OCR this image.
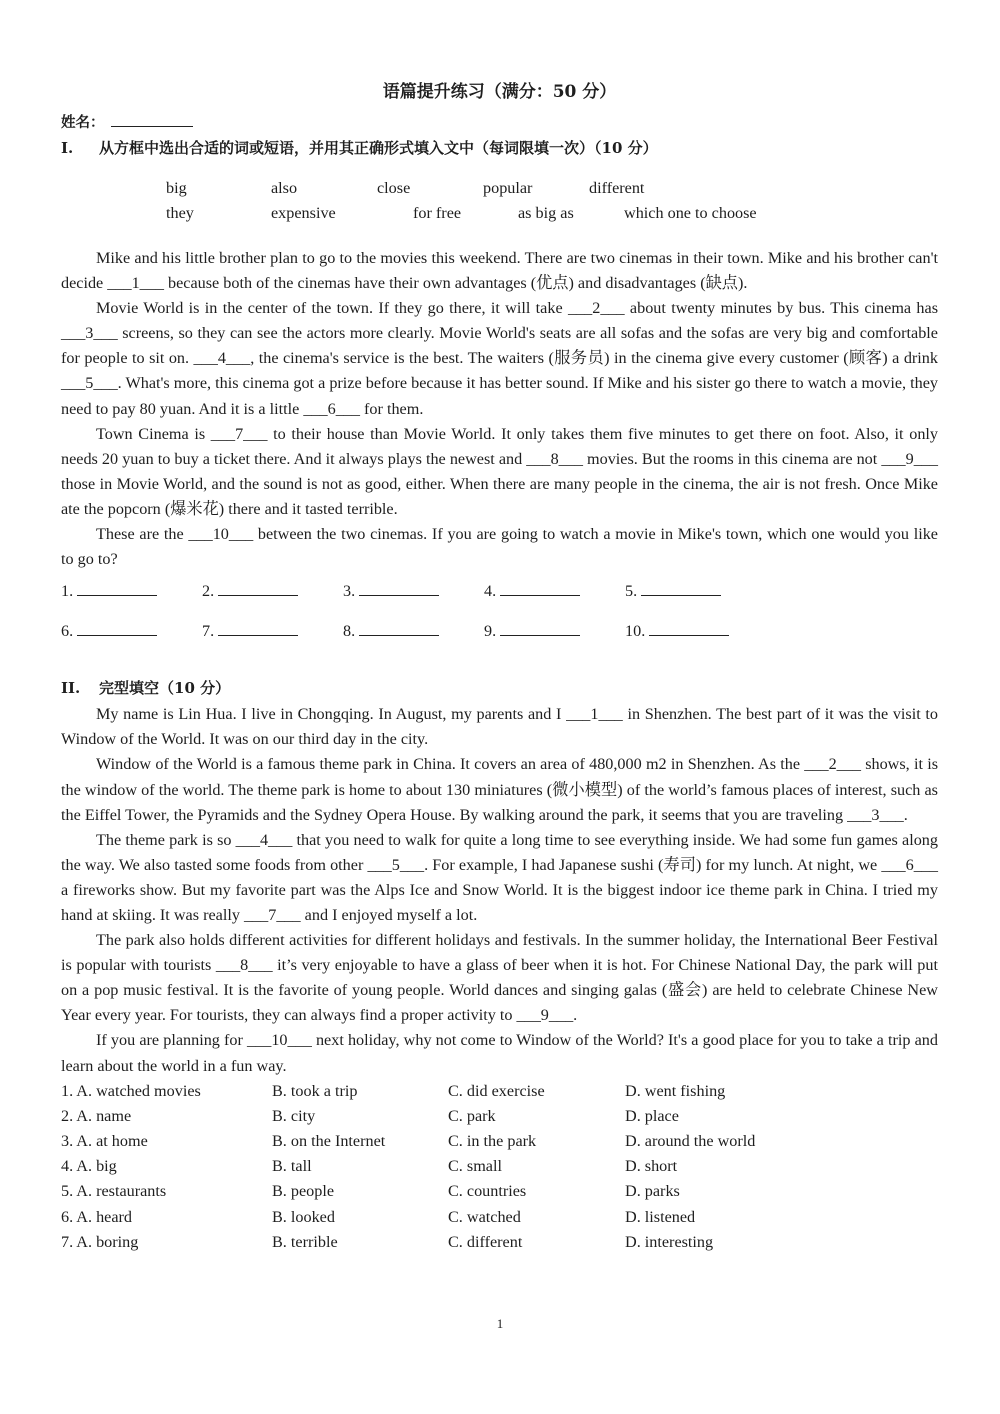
语篇提升练习（满分：50 分）
姓名：
I. 从方框中选出合适的词或短语，并用其正确形式填入文中（每词限填一次）（10 分）
big	also	close	popular	different
they	expensive	for free	as big as	which one to choose

Mike and his little brother plan to go to the movies this weekend. There are two cinemas in their town. Mike and his brother can't decide ___1___ because both of the cinemas have their own advantages (优点) and disadvantages (缺点).

Movie World is in the center of the town. If they go there, it will take ___2___ about twenty minutes by bus. This cinema has ___3___ screens, so they can see the actors more clearly. Movie World's seats are all sofas and the sofas are very big and comfortable for people to sit on. ___4___, the cinema's service is the best. The waiters (服务员) in the cinema give every customer (顾客) a drink ___5___. What's more, this cinema got a prize before because it has better sound. If Mike and his sister go there to watch a movie, they need to pay 80 yuan. And it is a little ___6___ for them.

Town Cinema is ___7___ to their house than Movie World. It only takes them five minutes to get there on foot. Also, it only needs 20 yuan to buy a ticket there. And it always plays the newest and ___8___ movies. But the rooms in this cinema are not ___9___ those in Movie World, and the sound is not as good, either. When there are many people in the cinema, the air is not fresh. Once Mike ate the popcorn (爆米花) there and it tasted terrible.

These are the ___10___ between the two cinemas. If you are going to watch a movie in Mike's town, which one would you like to go to?

1.	2.	3.	4.	5.
6.	7.	8.	9.	10.
II. 完型填空（10 分）

My name is Lin Hua. I live in Chongqing. In August, my parents and I ___1___ in Shenzhen. The best part of it was the visit to Window of the World. It was on our third day in the city.

Window of the World is a famous theme park in China. It covers an area of 480,000 m2 in Shenzhen. As the ___2___ shows, it is the window of the world. The theme park is home to about 130 miniatures (微小模型) of the world’s famous places of interest, such as the Eiffel Tower, the Pyramids and the Sydney Opera House. By walking around the park, it seems that you are traveling ___3___.

The theme park is so ___4___ that you need to walk for quite a long time to see everything inside. We had some fun games along the way. We also tasted some foods from other ___5___. For example, I had Japanese sushi (寿司) for my lunch. At night, we ___6___ a fireworks show. But my favorite part was the Alps Ice and Snow World. It is the biggest indoor ice theme park in China. I tried my hand at skiing. It was really ___7___ and I enjoyed myself a lot.

The park also holds different activities for different holidays and festivals. In the summer holiday, the International Beer Festival is popular with tourists ___8___ it’s very enjoyable to have a glass of beer when it is hot. For Chinese National Day, the park will put on a pop music festival. It is the favorite of young people. World dances and singing galas (盛会) are held to celebrate Chinese New Year every year. For tourists, they can always find a proper activity to ___9___.

If you are planning for ___10___ next holiday, why not come to Window of the World? It's a good place for you to take a trip and learn about the world in a fun way.

1. A. watched movies	B. took a trip	C. did exercise	D. went fishing
2. A. name	B. city	C. park	D. place
3. A. at home	B. on the Internet	C. in the park	D. around the world
4. A. big	B. tall	C. small	D. short
5. A. restaurants	B. people	C. countries	D. parks
6. A. heard	B. looked	C. watched	D. listened
7. A. boring	B. terrible	C. different	D. interesting
1
